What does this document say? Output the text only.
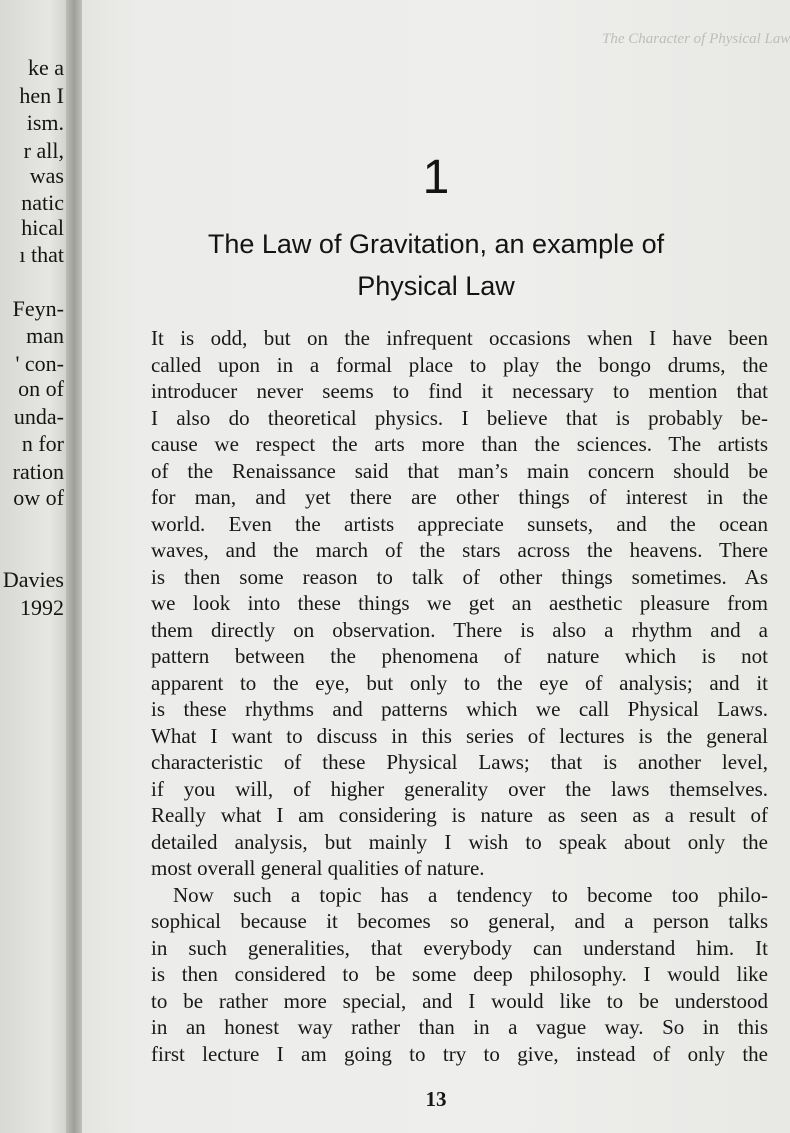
ke a
hen I
ism.
r all,
was
natic
hical
ı that
Feyn-
man
' con-
on of
unda-
n for
ration
ow of
Davies
1992
The Character of Physical Law
1
The Law of Gravitation, an example of
Physical Law
It is odd, but on the infrequent occasions when I have been
called upon in a formal place to play the bongo drums, the
introducer never seems to find it necessary to mention that
I also do theoretical physics. I believe that is probably be-
cause we respect the arts more than the sciences. The artists
of the Renaissance said that man’s main concern should be
for man, and yet there are other things of interest in the
world. Even the artists appreciate sunsets, and the ocean
waves, and the march of the stars across the heavens. There
is then some reason to talk of other things sometimes. As
we look into these things we get an aesthetic pleasure from
them directly on observation. There is also a rhythm and a
pattern between the phenomena of nature which is not
apparent to the eye, but only to the eye of analysis; and it
is these rhythms and patterns which we call Physical Laws.
What I want to discuss in this series of lectures is the general
characteristic of these Physical Laws; that is another level,
if you will, of higher generality over the laws themselves.
Really what I am considering is nature as seen as a result of
detailed analysis, but mainly I wish to speak about only the
most overall general qualities of nature.
Now such a topic has a tendency to become too philo-
sophical because it becomes so general, and a person talks
in such generalities, that everybody can understand him. It
is then considered to be some deep philosophy. I would like
to be rather more special, and I would like to be understood
in an honest way rather than in a vague way. So in this
first lecture I am going to try to give, instead of only the
13
